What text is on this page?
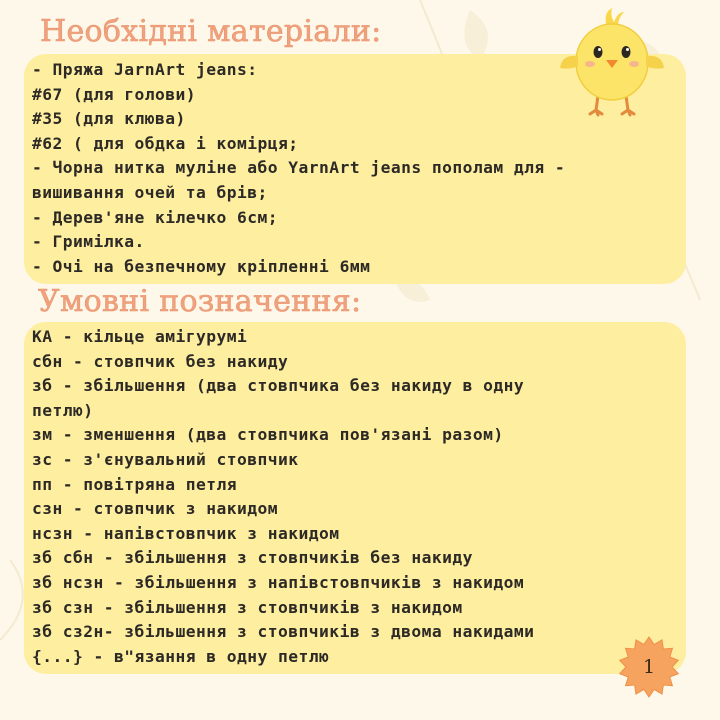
Необхідні матеріали:
- Пряжа JarnArt jeans:
#67 (для голови)
#35 (для клюва)
#62 ( для обдка і комірця;
- Чорна нитка муліне або YarnArt jeans пополам для -
вишивання очей та брів;
- Дерев'яне кілечко 6см;
- Гримілка.
- Очі на безпечному кріпленні 6мм
Умовні позначення:
КА - кільце амігурумі
сбн - стовпчик без накиду
зб - збільшення (два стовпчика без накиду в одну
петлю)
зм - зменшення (два стовпчика пов'язані разом)
зс - з'єнувальний стовпчик
пп - повітряна петля
сзн - стовпчик з накидом
нсзн - напівстовпчик з накидом
зб сбн - збільшення з стовпчиків без накиду
зб нсзн - збільшення з напівстовпчиків з накидом
зб сзн - збільшення з стовпчиків з накидом
зб сз2н- збільшення з стовпчиків з двома накидами
{...} - в"язання в одну петлю	1
